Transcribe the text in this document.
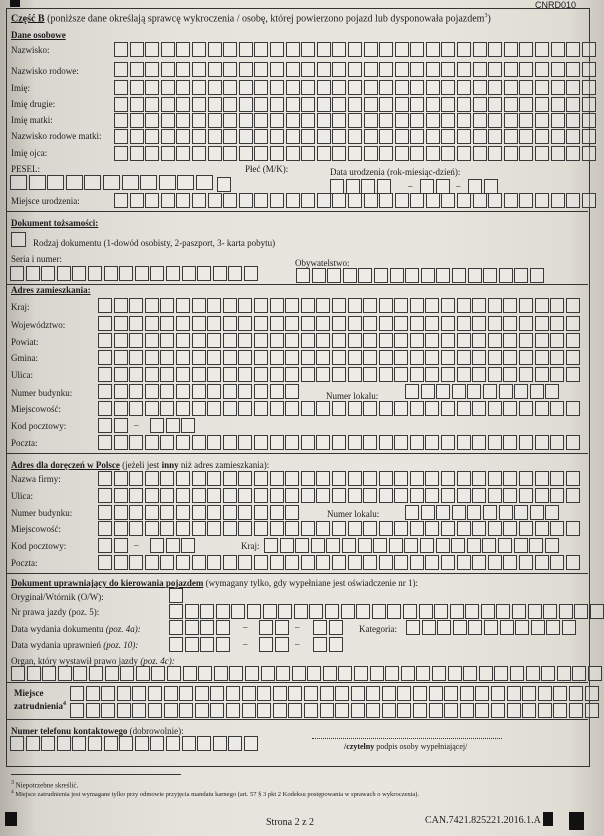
CNRD010
Część B (poniższe dane określają sprawcę wykroczenia / osobę, której powierzono pojazd lub dysponowała pojazdem$^3$)
Dane osobowe
Nazwisko:
Nazwisko rodowe:
Imię:
Imię drugie:
Imię matki:
Nazwisko rodowe matki:
Imię ojca:
PESEL:	Płeć (M/K):	Data urodzenia (rok-miesiąc-dzień):
Miejsce urodzenia:
–	–
Dokument tożsamości:
Rodzaj dokumentu (1-dowód osobisty, 2-paszport, 3- karta pobytu)
Seria i numer:	Obywatelstwo:
Adres zamieszkania:
Kraj:
Województwo:
Powiat:
Gmina:
Ulica:
Numer budynku:	Numer lokalu:
Miejscowość:
Kod pocztowy:
Poczta:
–
Adres dla doręczeń w Polsce (jeżeli jest inny niż adres zamieszkania):
Nazwa firmy:
Ulica:
Numer budynku:	Numer lokalu:
Miejscowość:
Kod pocztowy:	Kraj:
Poczta:
–
Dokument uprawniający do kierowania pojazdem (wymagany tylko, gdy wypełniane jest oświadczenie nr 1):
Oryginał/Wtórnik (O/W):
Nr prawa jazdy (poz. 5):
Data wydania dokumentu (poz. 4a):	–	–	Kategoria:
Data wydania uprawnień (poz. 10):	–	–
Organ, który wystawił prawo jazdy (poz. 4c):
Miejsce
zatrudnienia$^4$
Numer telefonu kontaktowego (dobrowolnie):
/czytelny podpis osoby wypełniającej/
$^3$ Niepotrzebne skreślić.
$^4$ Miejsce zatrudnienia jest wymagane tylko przy odmowie przyjęcia mandatu karnego (art. 57 § 3 pkt 2 Kodeksu postępowania w sprawach o wykroczenia).
Strona 2 z 2	CAN.7421.825221.2016.1.A
